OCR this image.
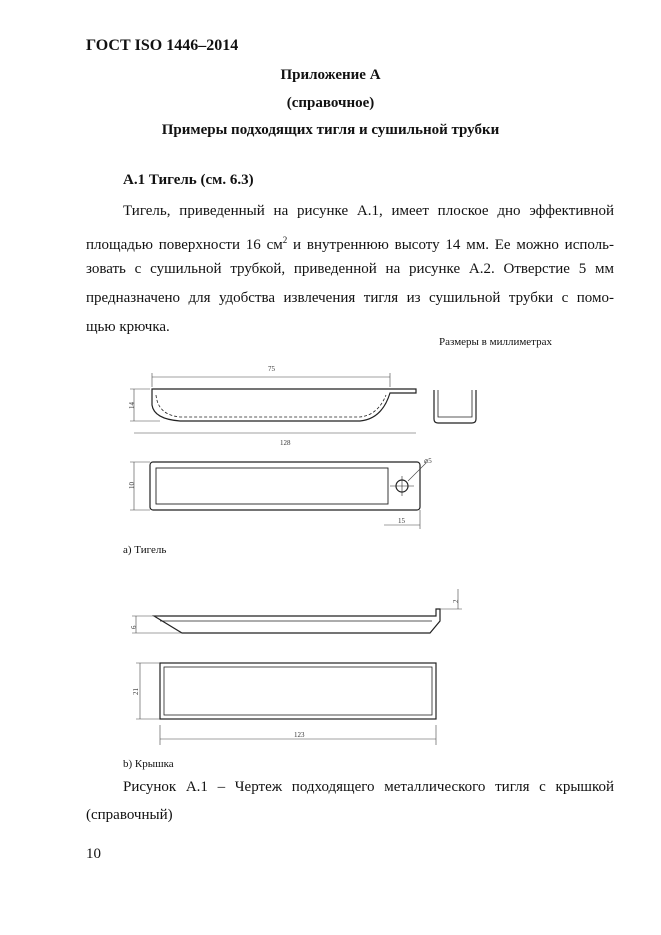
ГОСТ ISO 1446–2014
Приложение А
(справочное)
Примеры подходящих тигля и сушильной трубки
А.1 Тигель (см. 6.3)
Тигель, приведенный на рисунке А.1, имеет плоское дно эффективной
площадью поверхности 16 $см^2$ и внутреннюю высоту 14 мм. Ее можно исполь-
зовать с сушильной трубкой, приведенной на рисунке А.2. Отверстие 5 мм
предназначено для удобства извлечения тигля из сушильной трубки с помо-
щью крючка.
Размеры в миллиметрах
75
128
14
10
⌀5
15
а) Тигель
6
2
21
123
b) Крышка
Рисунок А.1 – Чертеж подходящего металлического тигля с крышкой
(справочный)
10
